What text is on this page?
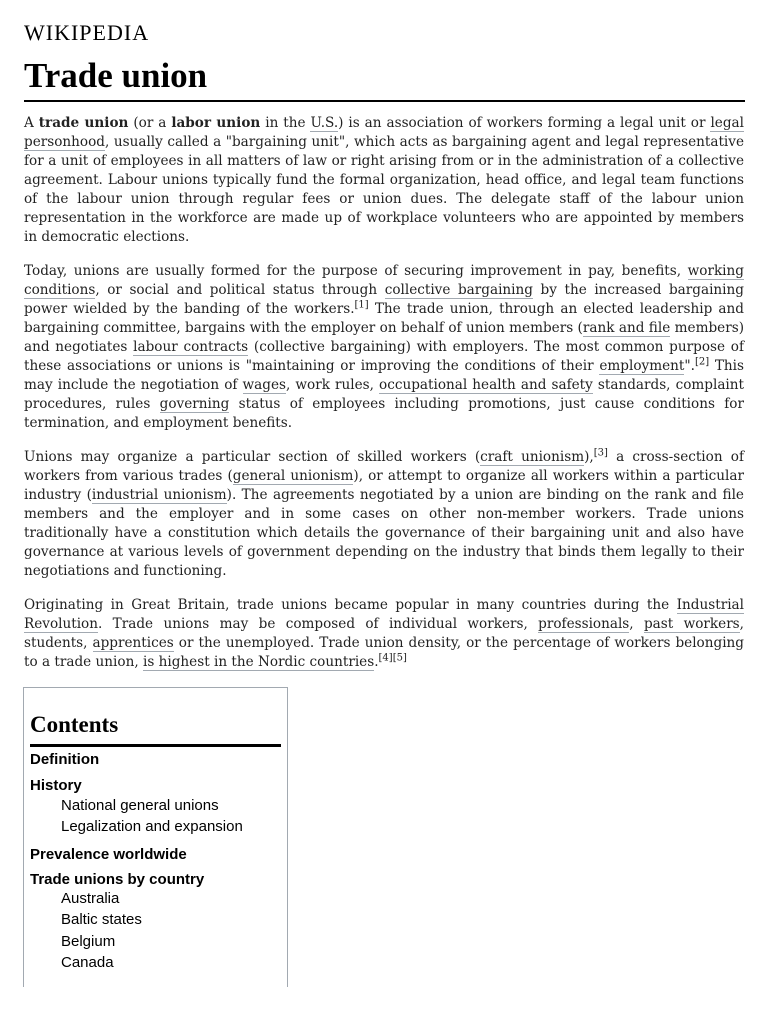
WIKIPEDIA
Trade union

A trade union (or a labor union in the U.S.) is an association of workers forming a legal unit or legal personhood, usually called a "bargaining unit", which acts as bargaining agent and legal representative for a unit of employees in all matters of law or right arising from or in the administration of a collective agreement. Labour unions typically fund the formal organization, head office, and legal team functions of the labour union through regular fees or union dues. The delegate staff of the labour union representation in the workforce are made up of workplace volunteers who are appointed by members in democratic elections.

Today, unions are usually formed for the purpose of securing improvement in pay, benefits, working conditions, or social and political status through collective bargaining by the increased bargaining power wielded by the banding of the workers.[1] The trade union, through an elected leadership and bargaining committee, bargains with the employer on behalf of union members (rank and file members) and negotiates labour contracts (collective bargaining) with employers. The most common purpose of these associations or unions is "maintaining or improving the conditions of their employment".[2] This may include the negotiation of wages, work rules, occupational health and safety standards, complaint procedures, rules governing status of employees including promotions, just cause conditions for termination, and employment benefits.

Unions may organize a particular section of skilled workers (craft unionism),[3] a cross-section of workers from various trades (general unionism), or attempt to organize all workers within a particular industry (industrial unionism). The agreements negotiated by a union are binding on the rank and file members and the employer and in some cases on other non-member workers. Trade unions traditionally have a constitution which details the governance of their bargaining unit and also have governance at various levels of government depending on the industry that binds them legally to their negotiations and functioning.

Originating in Great Britain, trade unions became popular in many countries during the Industrial Revolution. Trade unions may be composed of individual workers, professionals, past workers, students, apprentices or the unemployed. Trade union density, or the percentage of workers belonging to a trade union, is highest in the Nordic countries.[4][5]

Contents
Definition
History
National general unions
Legalization and expansion
Prevalence worldwide
Trade unions by country
Australia
Baltic states
Belgium
Canada
